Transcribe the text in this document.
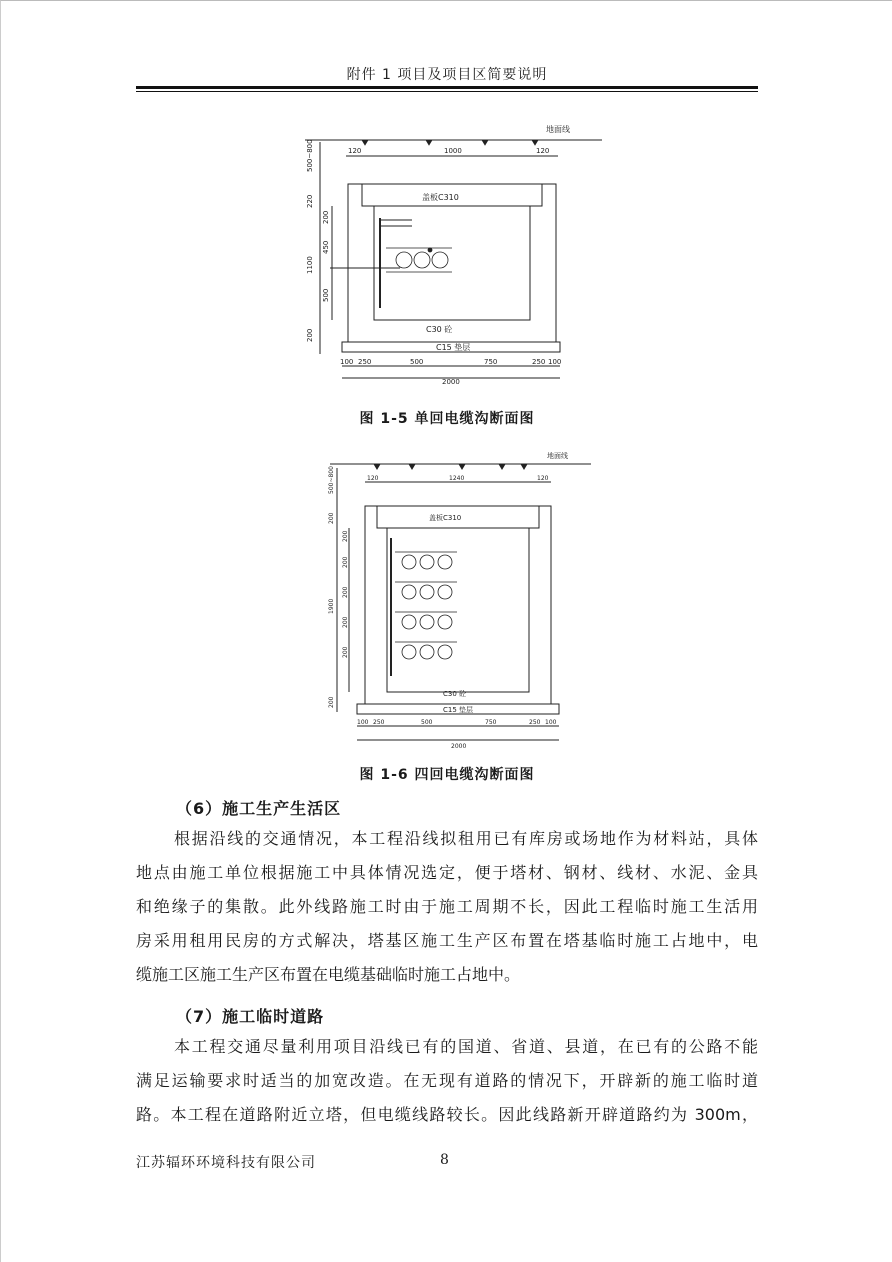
附件 1 项目及项目区简要说明
地面线
120	1000	120
盖板C310
C30 砼
C15 垫层
500~800
220
200
450
1100
500
200
100 250	500	750	250 100
2000
图 1-5 单回电缆沟断面图
地面线
120	1240	120
盖板C310
C30 砼
C15 垫层
500~800
200
200
200
200
200
200
1900
200
100 250	500	750	250 100
2000
图 1-6 四回电缆沟断面图
（6）施工生产生活区
根据沿线的交通情况，本工程沿线拟租用已有库房或场地作为材料站，具体
地点由施工单位根据施工中具体情况选定，便于塔材、钢材、线材、水泥、金具
和绝缘子的集散。此外线路施工时由于施工周期不长，因此工程临时施工生活用
房采用租用民房的方式解决，塔基区施工生产区布置在塔基临时施工占地中，电
缆施工区施工生产区布置在电缆基础临时施工占地中。
（7）施工临时道路
本工程交通尽量利用项目沿线已有的国道、省道、县道，在已有的公路不能
满足运输要求时适当的加宽改造。在无现有道路的情况下，开辟新的施工临时道
路。本工程在道路附近立塔，但电缆线路较长。因此线路新开辟道路约为 300m，
江苏辐环环境科技有限公司	8
